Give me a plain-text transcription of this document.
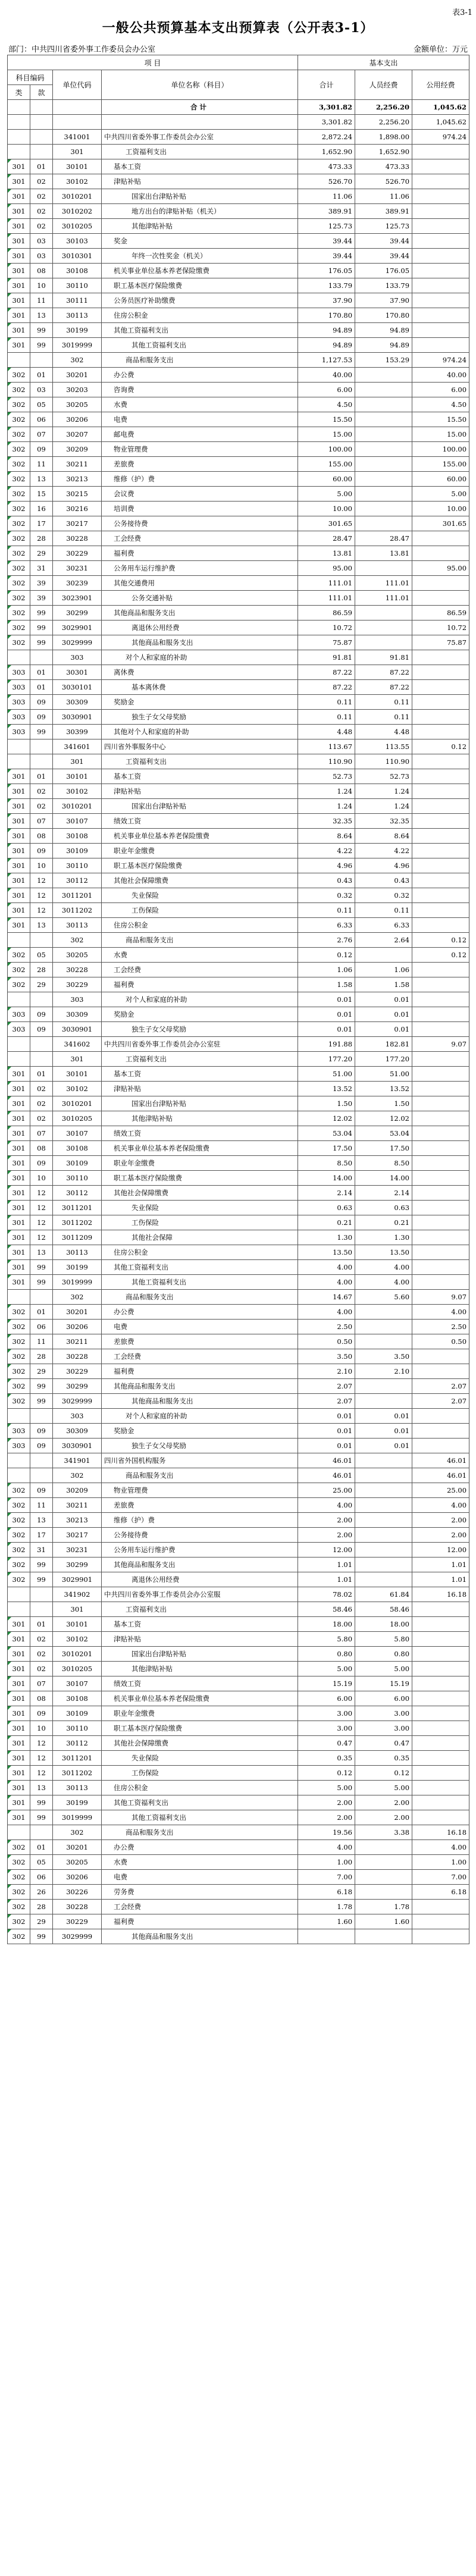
表3-1
一般公共预算基本支出预算表（公开表3-1）
部门：中共四川省委外事工作委员会办公室	金额单位：万元
项 目				基本支出		
科目编码		单位代码	单位名称（科目）	合计	人员经费	公用经费
类	款					
			合 计	3,301.82	2,256.20	1,045.62
				3,301.82	2,256.20	1,045.62
		341001	中共四川省委外事工作委员会办公室	2,872.24	1,898.00	974.24
		301	工资福利支出	1,652.90	1,652.90	
301	01	30101	基本工资	473.33	473.33	
301	02	30102	津贴补贴	526.70	526.70	
301	02	3010201	国家出台津贴补贴	11.06	11.06	
301	02	3010202	地方出台的津贴补贴（机关）	389.91	389.91	
301	02	3010205	其他津贴补贴	125.73	125.73	
301	03	30103	奖金	39.44	39.44	
301	03	3010301	年终一次性奖金（机关）	39.44	39.44	
301	08	30108	机关事业单位基本养老保险缴费	176.05	176.05	
301	10	30110	职工基本医疗保险缴费	133.79	133.79	
301	11	30111	公务员医疗补助缴费	37.90	37.90	
301	13	30113	住房公积金	170.80	170.80	
301	99	30199	其他工资福利支出	94.89	94.89	
301	99	3019999	其他工资福利支出	94.89	94.89	
		302	商品和服务支出	1,127.53	153.29	974.24
302	01	30201	办公费	40.00		40.00
302	03	30203	咨询费	6.00		6.00
302	05	30205	水费	4.50		4.50
302	06	30206	电费	15.50		15.50
302	07	30207	邮电费	15.00		15.00
302	09	30209	物业管理费	100.00		100.00
302	11	30211	差旅费	155.00		155.00
302	13	30213	维修（护）费	60.00		60.00
302	15	30215	会议费	5.00		5.00
302	16	30216	培训费	10.00		10.00
302	17	30217	公务接待费	301.65		301.65
302	28	30228	工会经费	28.47	28.47	
302	29	30229	福利费	13.81	13.81	
302	31	30231	公务用车运行维护费	95.00		95.00
302	39	30239	其他交通费用	111.01	111.01	
302	39	3023901	公务交通补贴	111.01	111.01	
302	99	30299	其他商品和服务支出	86.59		86.59
302	99	3029901	离退休公用经费	10.72		10.72
302	99	3029999	其他商品和服务支出	75.87		75.87
		303	对个人和家庭的补助	91.81	91.81	
303	01	30301	离休费	87.22	87.22	
303	01	3030101	基本离休费	87.22	87.22	
303	09	30309	奖励金	0.11	0.11	
303	09	3030901	独生子女父母奖励	0.11	0.11	
303	99	30399	其他对个人和家庭的补助	4.48	4.48	
		341601	四川省外事服务中心	113.67	113.55	0.12
		301	工资福利支出	110.90	110.90	
301	01	30101	基本工资	52.73	52.73	
301	02	30102	津贴补贴	1.24	1.24	
301	02	3010201	国家出台津贴补贴	1.24	1.24	
301	07	30107	绩效工资	32.35	32.35	
301	08	30108	机关事业单位基本养老保险缴费	8.64	8.64	
301	09	30109	职业年金缴费	4.22	4.22	
301	10	30110	职工基本医疗保险缴费	4.96	4.96	
301	12	30112	其他社会保障缴费	0.43	0.43	
301	12	3011201	失业保险	0.32	0.32	
301	12	3011202	工伤保险	0.11	0.11	
301	13	30113	住房公积金	6.33	6.33	
		302	商品和服务支出	2.76	2.64	0.12
302	05	30205	水费	0.12		0.12
302	28	30228	工会经费	1.06	1.06	
302	29	30229	福利费	1.58	1.58	
		303	对个人和家庭的补助	0.01	0.01	
303	09	30309	奖励金	0.01	0.01	
303	09	3030901	独生子女父母奖励	0.01	0.01	
		341602	中共四川省委外事工作委员会办公室驻	191.88	182.81	9.07
		301	工资福利支出	177.20	177.20	
301	01	30101	基本工资	51.00	51.00	
301	02	30102	津贴补贴	13.52	13.52	
301	02	3010201	国家出台津贴补贴	1.50	1.50	
301	02	3010205	其他津贴补贴	12.02	12.02	
301	07	30107	绩效工资	53.04	53.04	
301	08	30108	机关事业单位基本养老保险缴费	17.50	17.50	
301	09	30109	职业年金缴费	8.50	8.50	
301	10	30110	职工基本医疗保险缴费	14.00	14.00	
301	12	30112	其他社会保障缴费	2.14	2.14	
301	12	3011201	失业保险	0.63	0.63	
301	12	3011202	工伤保险	0.21	0.21	
301	12	3011209	其他社会保障	1.30	1.30	
301	13	30113	住房公积金	13.50	13.50	
301	99	30199	其他工资福利支出	4.00	4.00	
301	99	3019999	其他工资福利支出	4.00	4.00	
		302	商品和服务支出	14.67	5.60	9.07
302	01	30201	办公费	4.00		4.00
302	06	30206	电费	2.50		2.50
302	11	30211	差旅费	0.50		0.50
302	28	30228	工会经费	3.50	3.50	
302	29	30229	福利费	2.10	2.10	
302	99	30299	其他商品和服务支出	2.07		2.07
302	99	3029999	其他商品和服务支出	2.07		2.07
		303	对个人和家庭的补助	0.01	0.01	
303	09	30309	奖励金	0.01	0.01	
303	09	3030901	独生子女父母奖励	0.01	0.01	
		341901	四川省外国机构服务	46.01		46.01
		302	商品和服务支出	46.01		46.01
302	09	30209	物业管理费	25.00		25.00
302	11	30211	差旅费	4.00		4.00
302	13	30213	维修（护）费	2.00		2.00
302	17	30217	公务接待费	2.00		2.00
302	31	30231	公务用车运行维护费	12.00		12.00
302	99	30299	其他商品和服务支出	1.01		1.01
302	99	3029901	离退休公用经费	1.01		1.01
		341902	中共四川省委外事工作委员会办公室服	78.02	61.84	16.18
		301	工资福利支出	58.46	58.46	
301	01	30101	基本工资	18.00	18.00	
301	02	30102	津贴补贴	5.80	5.80	
301	02	3010201	国家出台津贴补贴	0.80	0.80	
301	02	3010205	其他津贴补贴	5.00	5.00	
301	07	30107	绩效工资	15.19	15.19	
301	08	30108	机关事业单位基本养老保险缴费	6.00	6.00	
301	09	30109	职业年金缴费	3.00	3.00	
301	10	30110	职工基本医疗保险缴费	3.00	3.00	
301	12	30112	其他社会保障缴费	0.47	0.47	
301	12	3011201	失业保险	0.35	0.35	
301	12	3011202	工伤保险	0.12	0.12	
301	13	30113	住房公积金	5.00	5.00	
301	99	30199	其他工资福利支出	2.00	2.00	
301	99	3019999	其他工资福利支出	2.00	2.00	
		302	商品和服务支出	19.56	3.38	16.18
302	01	30201	办公费	4.00		4.00
302	05	30205	水费	1.00		1.00
302	06	30206	电费	7.00		7.00
302	26	30226	劳务费	6.18		6.18
302	28	30228	工会经费	1.78	1.78	
302	29	30229	福利费	1.60	1.60	
302	99	3029999	其他商品和服务支出			
